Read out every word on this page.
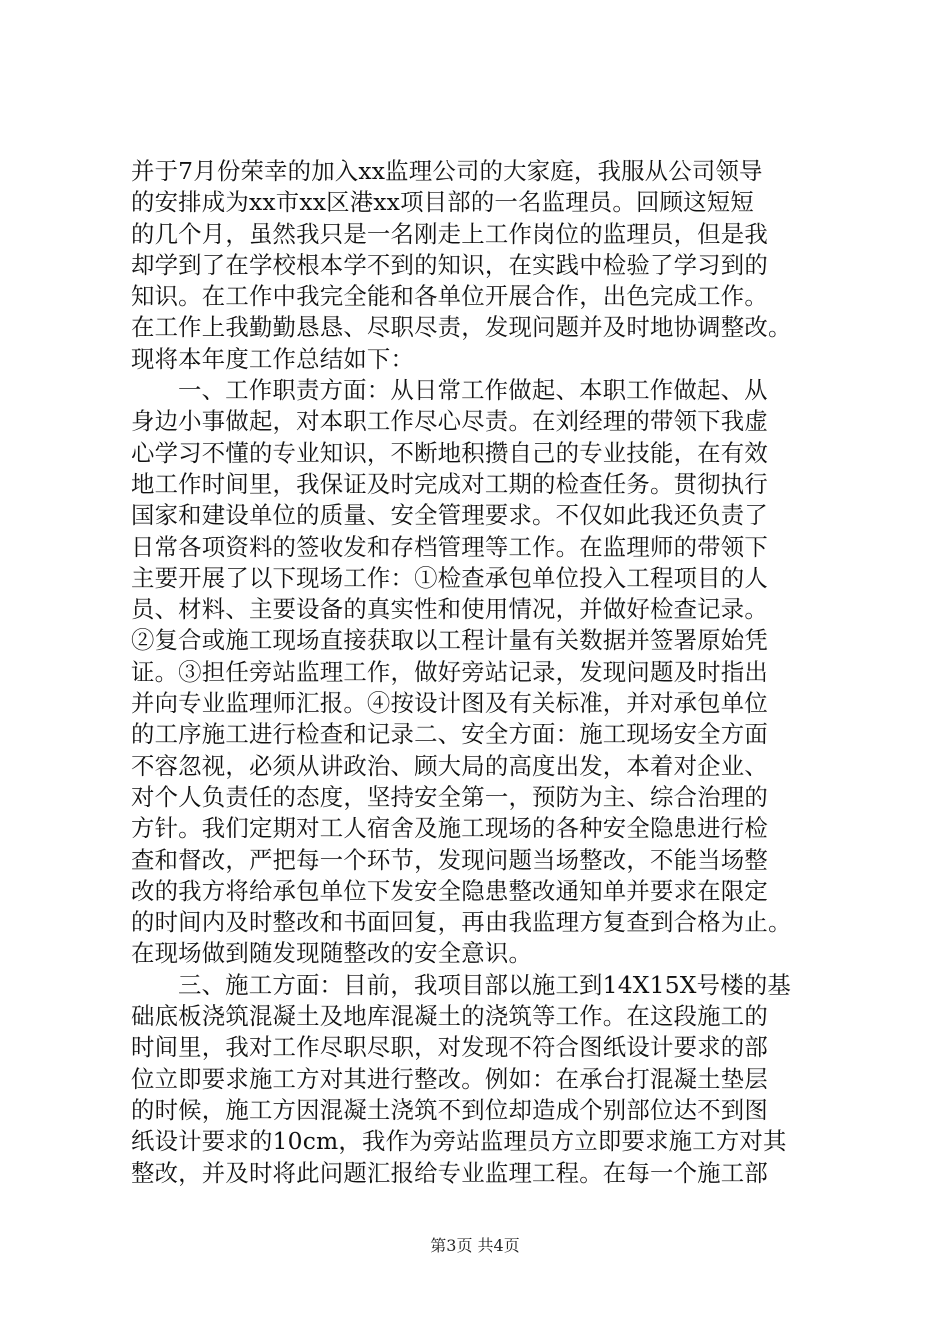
并于7月份荣幸的加入xx监理公司的大家庭，我服从公司领导
的安排成为xx市xx区港xx项目部的一名监理员。回顾这短短
的几个月，虽然我只是一名刚走上工作岗位的监理员，但是我
却学到了在学校根本学不到的知识，在实践中检验了学习到的
知识。在工作中我完全能和各单位开展合作，出色完成工作。
在工作上我勤勤恳恳、尽职尽责，发现问题并及时地协调整改。
现将本年度工作总结如下：
一、工作职责方面：从日常工作做起、本职工作做起、从
身边小事做起，对本职工作尽心尽责。在刘经理的带领下我虚
心学习不懂的专业知识，不断地积攒自己的专业技能，在有效
地工作时间里，我保证及时完成对工期的检查任务。贯彻执行
国家和建设单位的质量、安全管理要求。不仅如此我还负责了
日常各项资料的签收发和存档管理等工作。在监理师的带领下
主要开展了以下现场工作：①检查承包单位投入工程项目的人
员、材料、主要设备的真实性和使用情况，并做好检查记录。
②复合或施工现场直接获取以工程计量有关数据并签署原始凭
证。③担任旁站监理工作，做好旁站记录，发现问题及时指出
并向专业监理师汇报。④按设计图及有关标准，并对承包单位
的工序施工进行检查和记录二、安全方面：施工现场安全方面
不容忽视，必须从讲政治、顾大局的高度出发，本着对企业、
对个人负责任的态度，坚持安全第一，预防为主、综合治理的
方针。我们定期对工人宿舍及施工现场的各种安全隐患进行检
查和督改，严把每一个环节，发现问题当场整改，不能当场整
改的我方将给承包单位下发安全隐患整改通知单并要求在限定
的时间内及时整改和书面回复，再由我监理方复查到合格为止。
在现场做到随发现随整改的安全意识。
三、施工方面：目前，我项目部以施工到14X15X号楼的基
础底板浇筑混凝土及地库混凝土的浇筑等工作。在这段施工的
时间里，我对工作尽职尽职，对发现不符合图纸设计要求的部
位立即要求施工方对其进行整改。例如：在承台打混凝土垫层
的时候，施工方因混凝土浇筑不到位却造成个别部位达不到图
纸设计要求的10cm，我作为旁站监理员方立即要求施工方对其
整改，并及时将此问题汇报给专业监理工程。在每一个施工部
第3页 共4页
